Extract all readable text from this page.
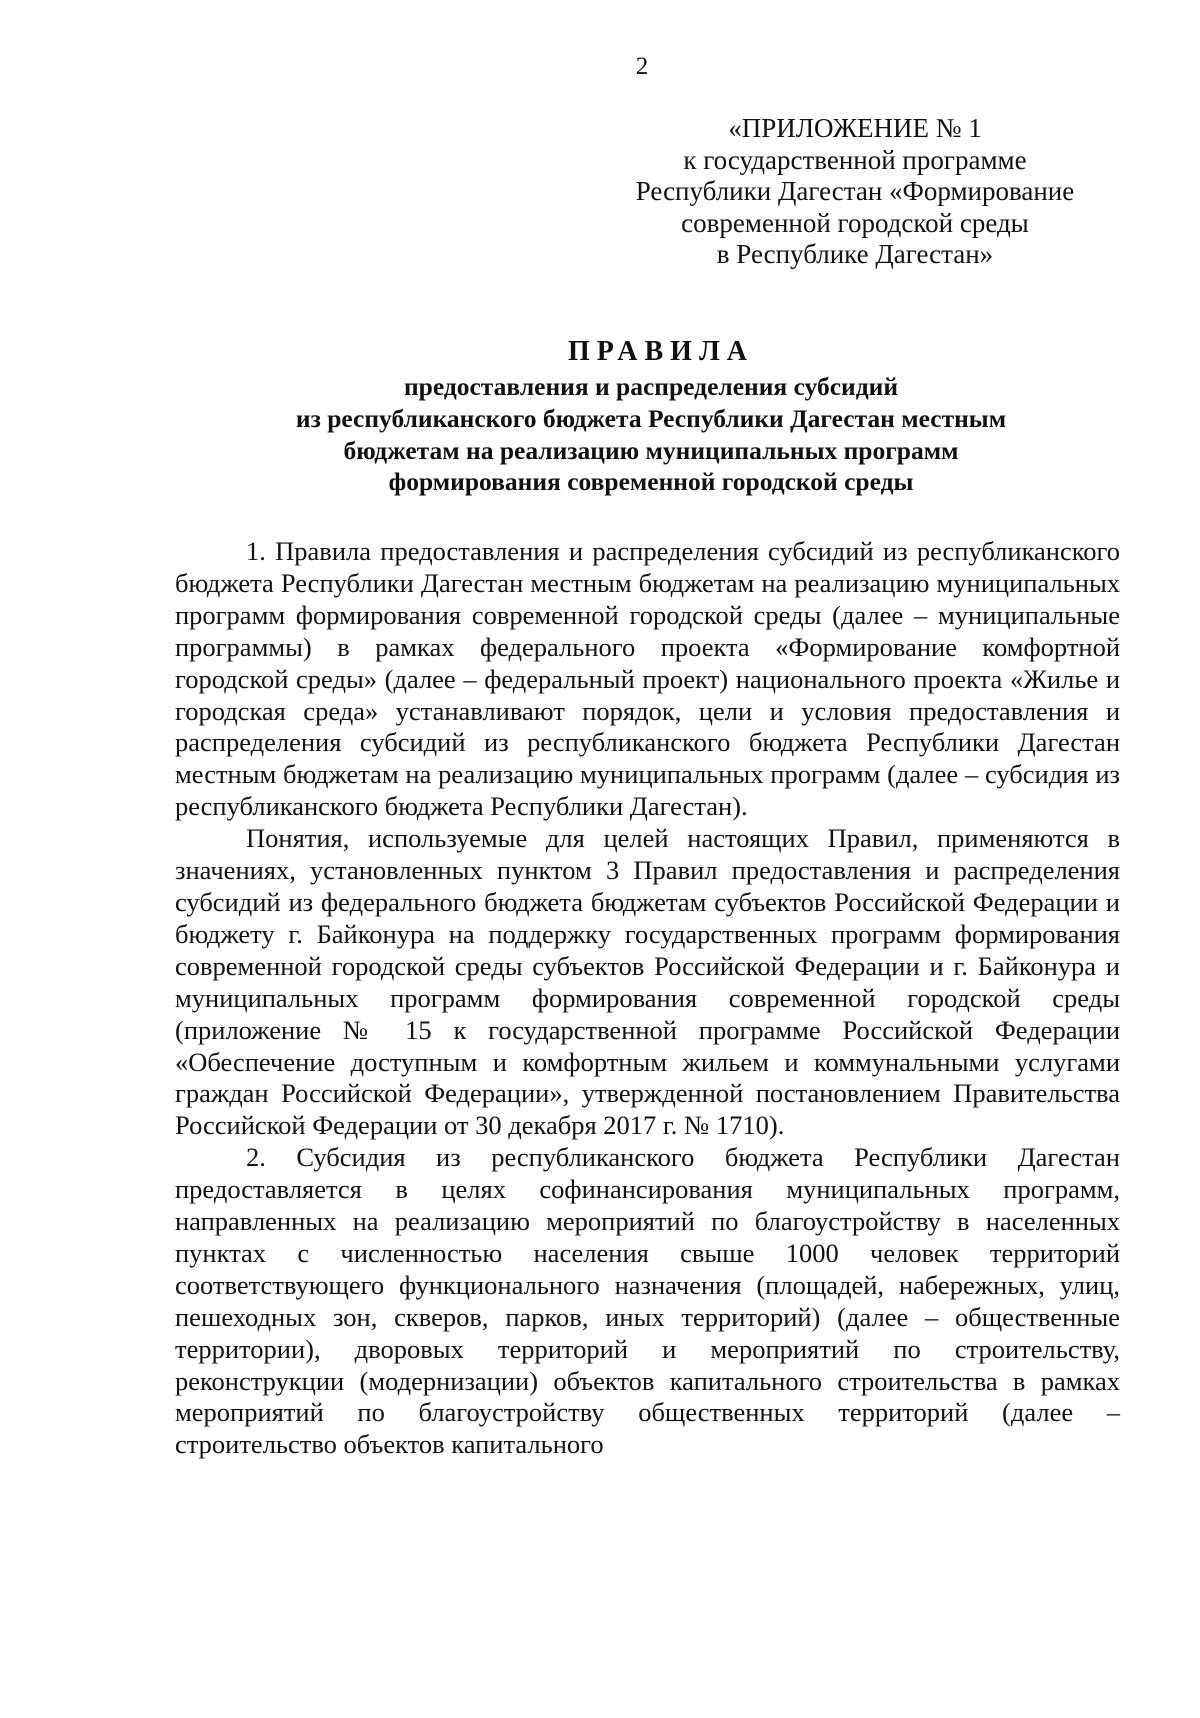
2
«ПРИЛОЖЕНИЕ № 1
к государственной программе
Республики Дагестан «Формирование
современной городской среды
в Республике Дагестан»
ПРАВИЛА
предоставления и распределения субсидий
из республиканского бюджета Республики Дагестан местным
бюджетам на реализацию муниципальных программ
формирования современной городской среды

1. Правила предоставления и распределения субсидий из республиканского бюджета Республики Дагестан местным бюджетам на реализацию муниципальных программ формирования современной городской среды (далее – муниципальные программы) в рамках федерального проекта «Формирование комфортной городской среды» (далее – федеральный проект) национального проекта «Жилье и городская среда» устанавливают порядок, цели и условия предоставления и распределения субсидий из республиканского бюджета Республики Дагестан местным бюджетам на реализацию муниципальных программ (далее – субсидия из республиканского бюджета Республики Дагестан).

Понятия, используемые для целей настоящих Правил, применяются в значениях, установленных пунктом 3 Правил предоставления и распределения субсидий из федерального бюджета бюджетам субъектов Российской Федерации и бюджету г. Байконура на поддержку государственных программ формирования современной городской среды субъектов Российской Федерации и г. Байконура и муниципальных программ формирования современной городской среды (приложение № 15 к государственной программе Российской Федерации «Обеспечение доступным и комфортным жильем и коммунальными услугами граждан Российской Федерации», утвержденной постановлением Правительства Российской Федерации от 30 декабря 2017 г. № 1710).

2. Субсидия из республиканского бюджета Республики Дагестан предоставляется в целях софинансирования муниципальных программ, направленных на реализацию мероприятий по благоустройству в населенных пунктах с численностью населения свыше 1000 человек территорий соответствующего функционального назначения (площадей, набережных, улиц, пешеходных зон, скверов, парков, иных территорий) (далее – общественные территории), дворовых территорий и мероприятий по строительству, реконструкции (модернизации) объектов капитального строительства в рамках мероприятий по благоустройству общественных территорий (далее – строительство объектов капитального
